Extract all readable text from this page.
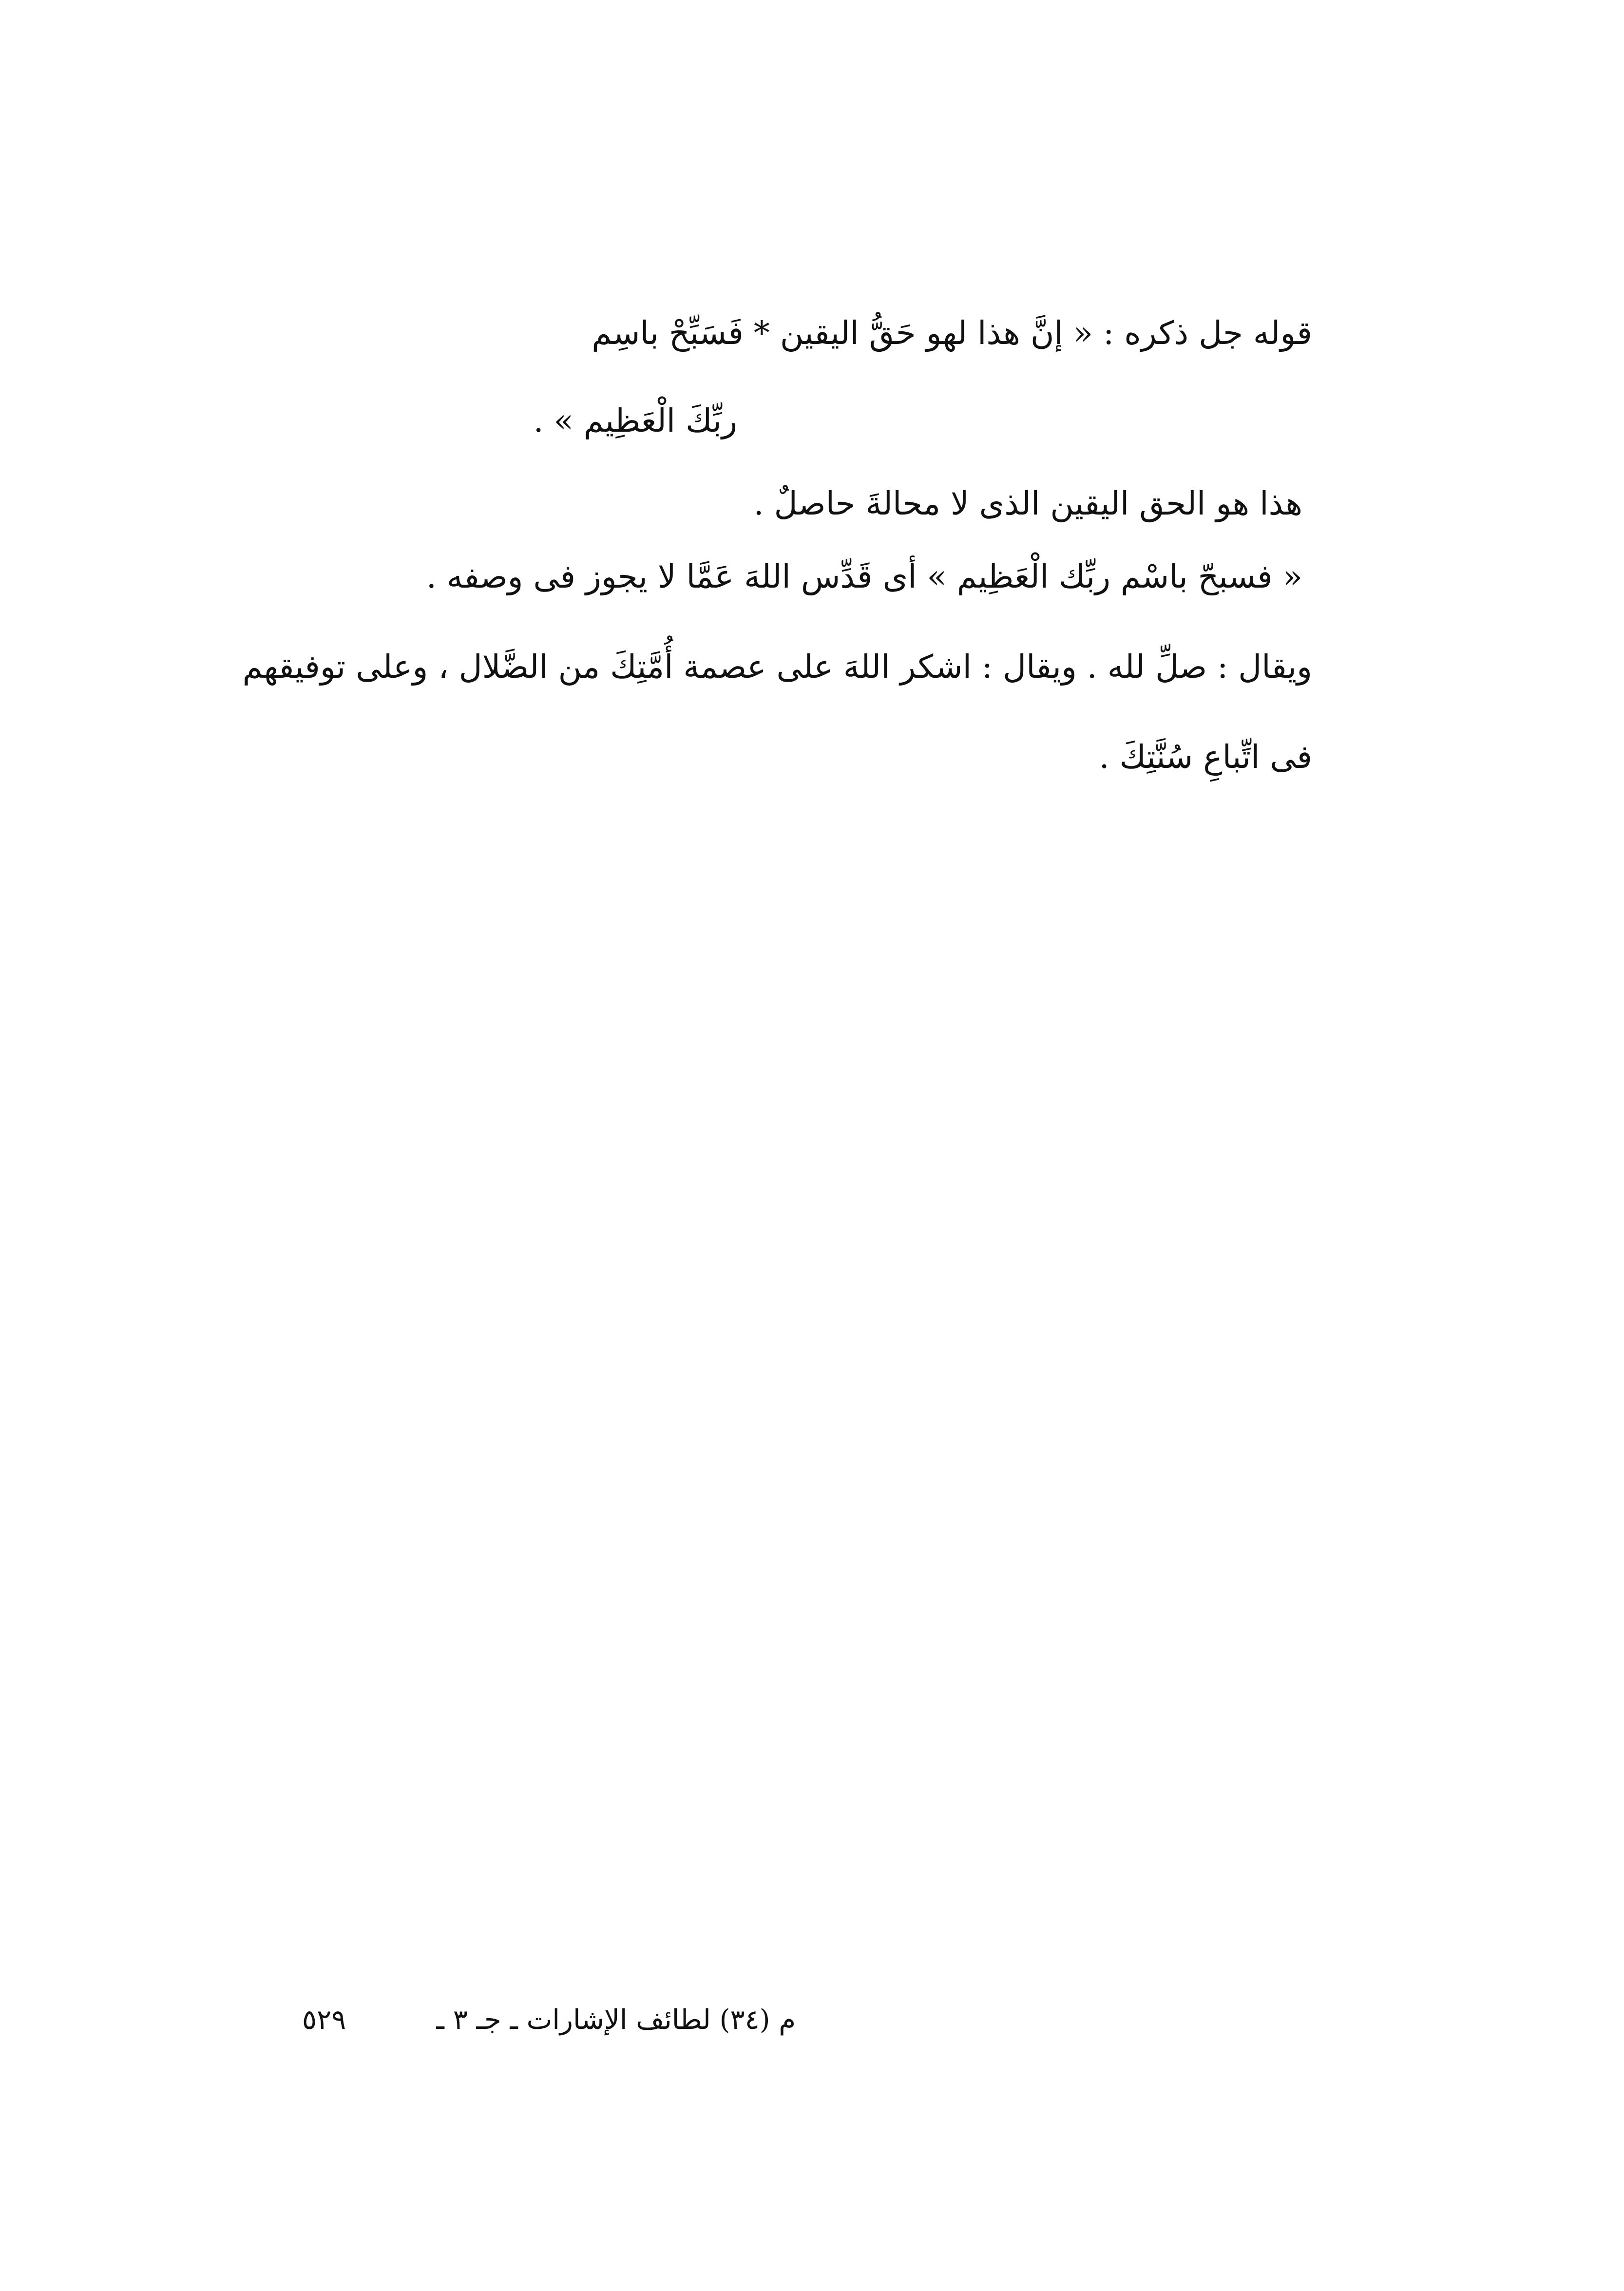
قوله جل ذكره : « إنَّ هذا لهو حَقُّ اليقين * فَسَبِّحْ باسِم

ربِّكَ الْعَظِيم » .

هذا هو الحق اليقين الذى لا محالةَ حاصلٌ .

« فسبحّ باسْم ربِّك الْعَظِيم » أى قَدِّس اللهَ عَمَّا لا يجوز فى وصفه .

ويقال : صلِّ لله . ويقال : اشكر اللهَ على عصمة أُمَّتِكَ من الضَّلال ، وعلى توفيقهم

فى اتِّباعِ سُنَّتِكَ .

م (٣٤) لطائف الإشارات ـ جـ ٣ ـ
٥٢٩
